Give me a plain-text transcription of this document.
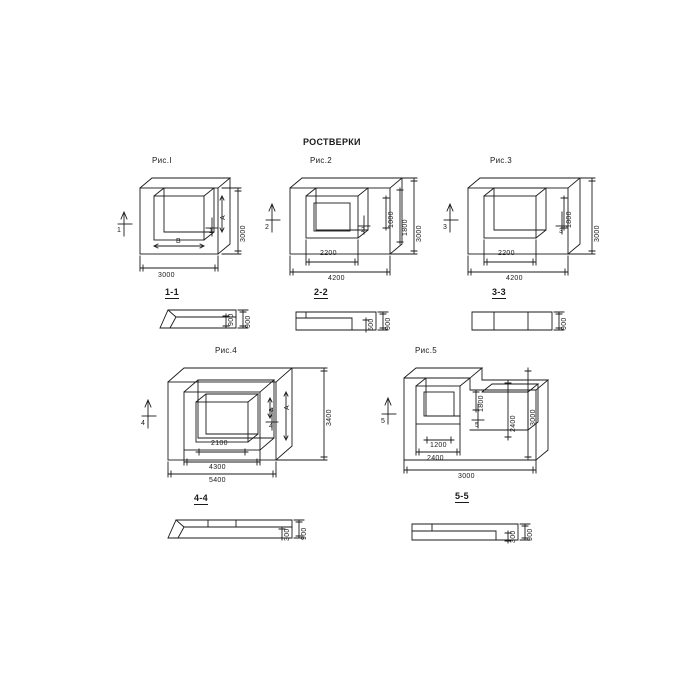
РОСТВЕРКИ
Рис.I
1	1	3000
3000
A
B
1-1
900
900
Рис.2
2	2
1000 1800 3000
2200
4200
2-2
900
500
Рис.3
3
3
1800
3000
2200
4200
3-3
900
Рис.4
4	4
a A
3400
2100
4300
5400
4-4
900
300
Рис.5
5
5
1800
2400 3000
1200
2400
3000
5-5
900
300
